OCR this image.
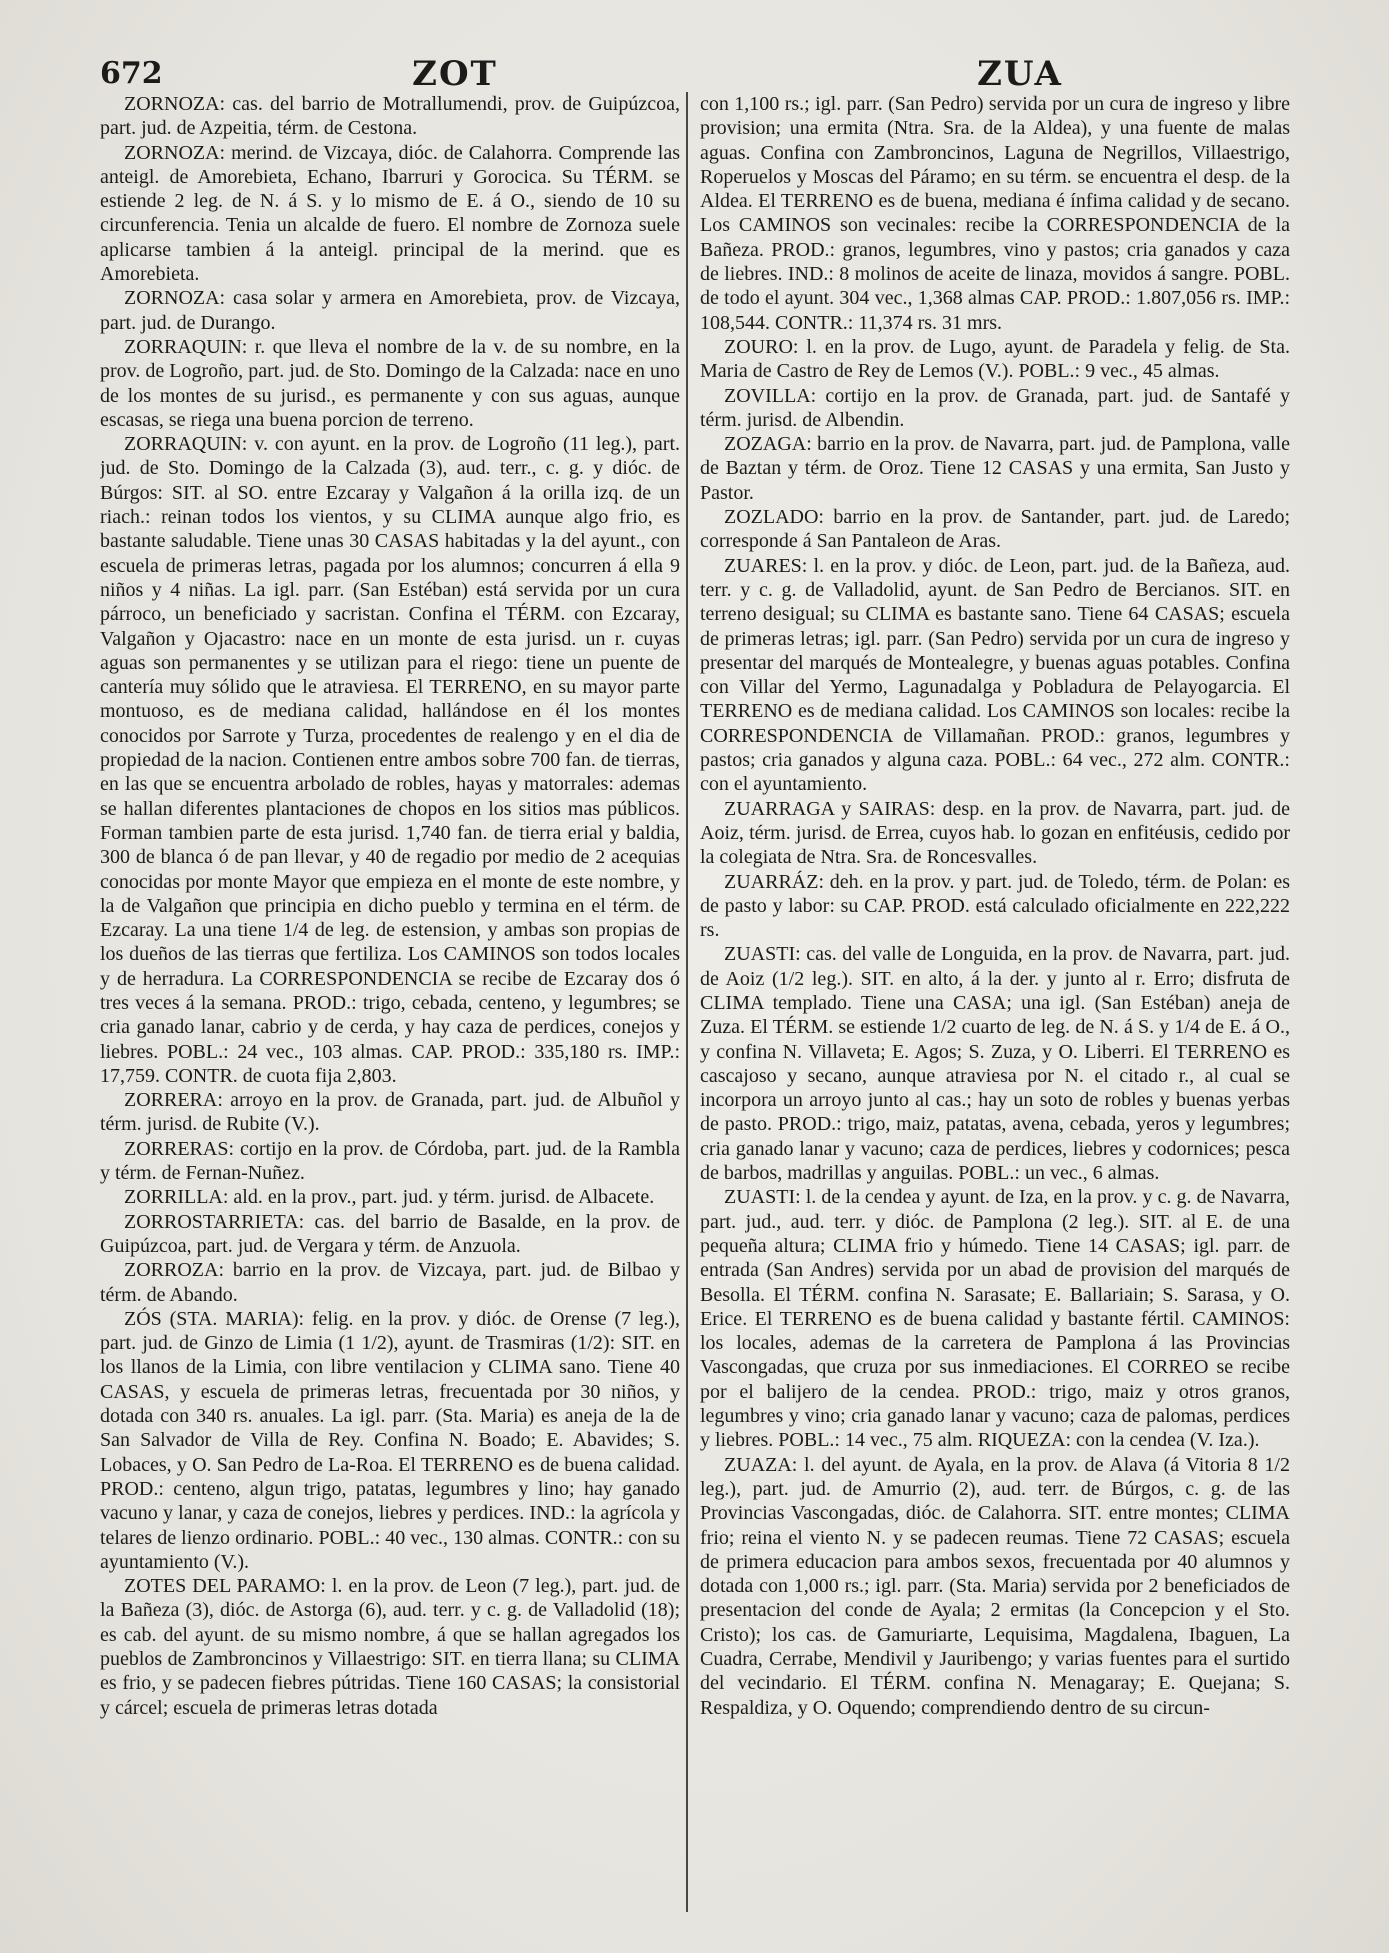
672	ZOT	ZUA

ZORNOZA: cas. del barrio de Motrallumendi, prov. de Guipúzcoa, part. jud. de Azpeitia, térm. de Cestona.

ZORNOZA: merind. de Vizcaya, dióc. de Calahorra. Comprende las anteigl. de Amorebieta, Echano, Ibarruri y Gorocica. Su TÉRM. se estiende 2 leg. de N. á S. y lo mismo de E. á O., siendo de 10 su circunferencia. Tenia un alcalde de fuero. El nombre de Zornoza suele aplicarse tambien á la anteigl. principal de la merind. que es Amorebieta.

ZORNOZA: casa solar y armera en Amorebieta, prov. de Vizcaya, part. jud. de Durango.

ZORRAQUIN: r. que lleva el nombre de la v. de su nombre, en la prov. de Logroño, part. jud. de Sto. Domingo de la Calzada: nace en uno de los montes de su jurisd., es permanente y con sus aguas, aunque escasas, se riega una buena porcion de terreno.

ZORRAQUIN: v. con ayunt. en la prov. de Logroño (11 leg.), part. jud. de Sto. Domingo de la Calzada (3), aud. terr., c. g. y dióc. de Búrgos: SIT. al SO. entre Ezcaray y Valgañon á la orilla izq. de un riach.: reinan todos los vientos, y su CLIMA aunque algo frio, es bastante saludable. Tiene unas 30 CASAS habitadas y la del ayunt., con escuela de primeras letras, pagada por los alumnos; concurren á ella 9 niños y 4 niñas. La igl. parr. (San Estéban) está servida por un cura párroco, un beneficiado y sacristan. Confina el TÉRM. con Ezcaray, Valgañon y Ojacastro: nace en un monte de esta jurisd. un r. cuyas aguas son permanentes y se utilizan para el riego: tiene un puente de cantería muy sólido que le atraviesa. El TERRENO, en su mayor parte montuoso, es de mediana calidad, hallándose en él los montes conocidos por Sarrote y Turza, procedentes de realengo y en el dia de propiedad de la nacion. Contienen entre ambos sobre 700 fan. de tierras, en las que se encuentra arbolado de robles, hayas y matorrales: ademas se hallan diferentes plantaciones de chopos en los sitios mas públicos. Forman tambien parte de esta jurisd. 1,740 fan. de tierra erial y baldia, 300 de blanca ó de pan llevar, y 40 de regadio por medio de 2 acequias conocidas por monte Mayor que empieza en el monte de este nombre, y la de Valgañon que principia en dicho pueblo y termina en el térm. de Ezcaray. La una tiene 1/4 de leg. de estension, y ambas son propias de los dueños de las tierras que fertiliza. Los CAMINOS son todos locales y de herradura. La CORRESPONDENCIA se recibe de Ezcaray dos ó tres veces á la semana. PROD.: trigo, cebada, centeno, y legumbres; se cria ganado lanar, cabrio y de cerda, y hay caza de perdices, conejos y liebres. POBL.: 24 vec., 103 almas. CAP. PROD.: 335,180 rs. IMP.: 17,759. CONTR. de cuota fija 2,803.

ZORRERA: arroyo en la prov. de Granada, part. jud. de Albuñol y térm. jurisd. de Rubite (V.).

ZORRERAS: cortijo en la prov. de Córdoba, part. jud. de la Rambla y térm. de Fernan-Nuñez.

ZORRILLA: ald. en la prov., part. jud. y térm. jurisd. de Albacete.

ZORROSTARRIETA: cas. del barrio de Basalde, en la prov. de Guipúzcoa, part. jud. de Vergara y térm. de Anzuola.

ZORROZA: barrio en la prov. de Vizcaya, part. jud. de Bilbao y térm. de Abando.

ZÓS (STA. MARIA): felig. en la prov. y dióc. de Orense (7 leg.), part. jud. de Ginzo de Limia (1 1/2), ayunt. de Trasmiras (1/2): SIT. en los llanos de la Limia, con libre ventilacion y CLIMA sano. Tiene 40 CASAS, y escuela de primeras letras, frecuentada por 30 niños, y dotada con 340 rs. anuales. La igl. parr. (Sta. Maria) es aneja de la de San Salvador de Villa de Rey. Confina N. Boado; E. Abavides; S. Lobaces, y O. San Pedro de La-Roa. El TERRENO es de buena calidad. PROD.: centeno, algun trigo, patatas, legumbres y lino; hay ganado vacuno y lanar, y caza de conejos, liebres y perdices. IND.: la agrícola y telares de lienzo ordinario. POBL.: 40 vec., 130 almas. CONTR.: con su ayuntamiento (V.).

ZOTES DEL PARAMO: l. en la prov. de Leon (7 leg.), part. jud. de la Bañeza (3), dióc. de Astorga (6), aud. terr. y c. g. de Valladolid (18); es cab. del ayunt. de su mismo nombre, á que se hallan agregados los pueblos de Zambroncinos y Villaestrigo: SIT. en tierra llana; su CLIMA es frio, y se padecen fiebres pútridas. Tiene 160 CASAS; la consistorial y cárcel; escuela de primeras letras dotada

con 1,100 rs.; igl. parr. (San Pedro) servida por un cura de ingreso y libre provision; una ermita (Ntra. Sra. de la Aldea), y una fuente de malas aguas. Confina con Zambroncinos, Laguna de Negrillos, Villaestrigo, Roperuelos y Moscas del Páramo; en su térm. se encuentra el desp. de la Aldea. El TERRENO es de buena, mediana é ínfima calidad y de secano. Los CAMINOS son vecinales: recibe la CORRESPONDENCIA de la Bañeza. PROD.: granos, legumbres, vino y pastos; cria ganados y caza de liebres. IND.: 8 molinos de aceite de linaza, movidos á sangre. POBL. de todo el ayunt. 304 vec., 1,368 almas CAP. PROD.: 1.807,056 rs. IMP.: 108,544. CONTR.: 11,374 rs. 31 mrs.

ZOURO: l. en la prov. de Lugo, ayunt. de Paradela y felig. de Sta. Maria de Castro de Rey de Lemos (V.). POBL.: 9 vec., 45 almas.

ZOVILLA: cortijo en la prov. de Granada, part. jud. de Santafé y térm. jurisd. de Albendin.

ZOZAGA: barrio en la prov. de Navarra, part. jud. de Pamplona, valle de Baztan y térm. de Oroz. Tiene 12 CASAS y una ermita, San Justo y Pastor.

ZOZLADO: barrio en la prov. de Santander, part. jud. de Laredo; corresponde á San Pantaleon de Aras.

ZUARES: l. en la prov. y dióc. de Leon, part. jud. de la Bañeza, aud. terr. y c. g. de Valladolid, ayunt. de San Pedro de Bercianos. SIT. en terreno desigual; su CLIMA es bastante sano. Tiene 64 CASAS; escuela de primeras letras; igl. parr. (San Pedro) servida por un cura de ingreso y presentar del marqués de Montealegre, y buenas aguas potables. Confina con Villar del Yermo, Lagunadalga y Pobladura de Pelayogarcia. El TERRENO es de mediana calidad. Los CAMINOS son locales: recibe la CORRESPONDENCIA de Villamañan. PROD.: granos, legumbres y pastos; cria ganados y alguna caza. POBL.: 64 vec., 272 alm. CONTR.: con el ayuntamiento.

ZUARRAGA y SAIRAS: desp. en la prov. de Navarra, part. jud. de Aoiz, térm. jurisd. de Errea, cuyos hab. lo gozan en enfitéusis, cedido por la colegiata de Ntra. Sra. de Roncesvalles.

ZUARRÁZ: deh. en la prov. y part. jud. de Toledo, térm. de Polan: es de pasto y labor: su CAP. PROD. está calculado oficialmente en 222,222 rs.

ZUASTI: cas. del valle de Longuida, en la prov. de Navarra, part. jud. de Aoiz (1/2 leg.). SIT. en alto, á la der. y junto al r. Erro; disfruta de CLIMA templado. Tiene una CASA; una igl. (San Estéban) aneja de Zuza. El TÉRM. se estiende 1/2 cuarto de leg. de N. á S. y 1/4 de E. á O., y confina N. Villaveta; E. Agos; S. Zuza, y O. Liberri. El TERRENO es cascajoso y secano, aunque atraviesa por N. el citado r., al cual se incorpora un arroyo junto al cas.; hay un soto de robles y buenas yerbas de pasto. PROD.: trigo, maiz, patatas, avena, cebada, yeros y legumbres; cria ganado lanar y vacuno; caza de perdices, liebres y codornices; pesca de barbos, madrillas y anguilas. POBL.: un vec., 6 almas.

ZUASTI: l. de la cendea y ayunt. de Iza, en la prov. y c. g. de Navarra, part. jud., aud. terr. y dióc. de Pamplona (2 leg.). SIT. al E. de una pequeña altura; CLIMA frio y húmedo. Tiene 14 CASAS; igl. parr. de entrada (San Andres) servida por un abad de provision del marqués de Besolla. El TÉRM. confina N. Sarasate; E. Ballariain; S. Sarasa, y O. Erice. El TERRENO es de buena calidad y bastante fértil. CAMINOS: los locales, ademas de la carretera de Pamplona á las Provincias Vascongadas, que cruza por sus inmediaciones. El CORREO se recibe por el balijero de la cendea. PROD.: trigo, maiz y otros granos, legumbres y vino; cria ganado lanar y vacuno; caza de palomas, perdices y liebres. POBL.: 14 vec., 75 alm. RIQUEZA: con la cendea (V. Iza.).

ZUAZA: l. del ayunt. de Ayala, en la prov. de Alava (á Vitoria 8 1/2 leg.), part. jud. de Amurrio (2), aud. terr. de Búrgos, c. g. de las Provincias Vascongadas, dióc. de Calahorra. SIT. entre montes; CLIMA frio; reina el viento N. y se padecen reumas. Tiene 72 CASAS; escuela de primera educacion para ambos sexos, frecuentada por 40 alumnos y dotada con 1,000 rs.; igl. parr. (Sta. Maria) servida por 2 beneficiados de presentacion del conde de Ayala; 2 ermitas (la Concepcion y el Sto. Cristo); los cas. de Gamuriarte, Lequisima, Magdalena, Ibaguen, La Cuadra, Cerrabe, Mendivil y Jauribengo; y varias fuentes para el surtido del vecindario. El TÉRM. confina N. Menagaray; E. Quejana; S. Respaldiza, y O. Oquendo; comprendiendo dentro de su circun-
